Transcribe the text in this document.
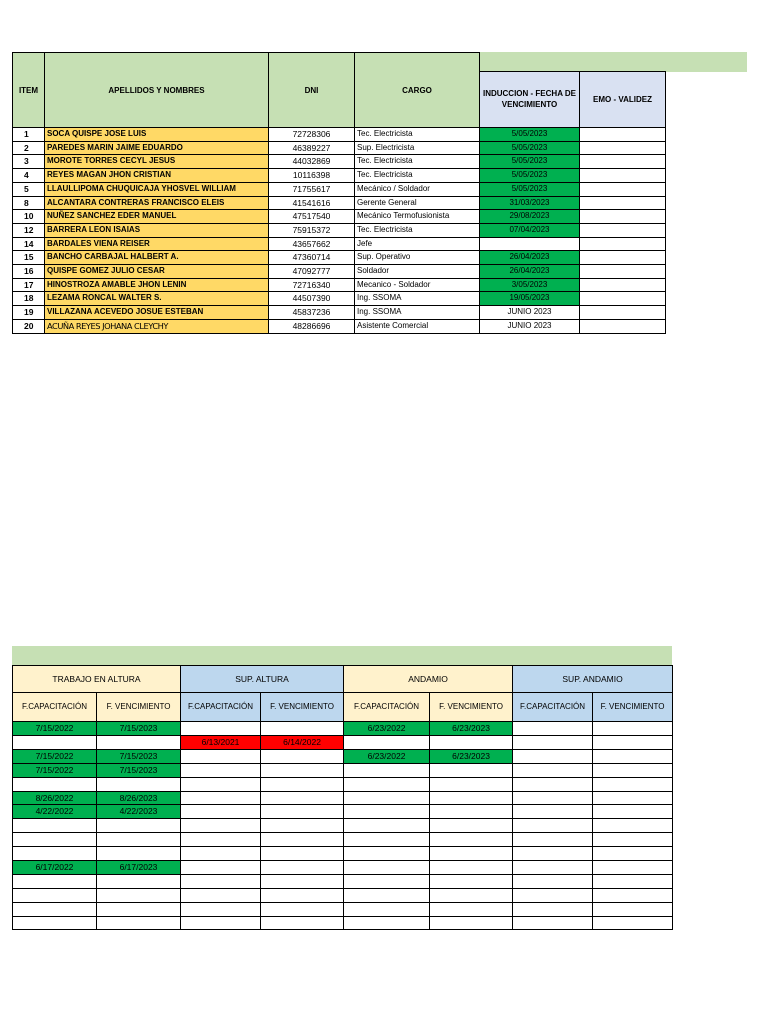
ITEM	APELLIDOS Y NOMBRES	DNI	CARGO		
				INDUCCION - FECHA DE VENCIMIENTO	EMO - VALIDEZ
1	SOCA QUISPE JOSE LUIS	72728306	Tec. Electricista	5/05/2023	
2	PAREDES MARIN JAIME EDUARDO	46389227	Sup. Electricista	5/05/2023	
3	MOROTE TORRES CECYL JESUS	44032869	Tec. Electricista	5/05/2023	
4	REYES MAGAN JHON CRISTIAN	10116398	Tec. Electricista	5/05/2023	
5	LLAULLIPOMA CHUQUICAJA YHOSVEL WILLIAM	71755617	Mecánico / Soldador	5/05/2023	
8	ALCANTARA CONTRERAS FRANCISCO ELEIS	41541616	Gerente General	31/03/2023	
10	NUÑEZ SANCHEZ EDER MANUEL	47517540	Mecánico Termofusionista	29/08/2023	
12	BARRERA LEON ISAIAS	75915372	Tec. Electricista	07/04/2023	
14	BARDALES VIENA REISER	43657662	Jefe		
15	BANCHO CARBAJAL HALBERT A.	47360714	Sup. Operativo	26/04/2023	
16	QUISPE GOMEZ JULIO CESAR	47092777	Soldador	26/04/2023	
17	HINOSTROZA AMABLE JHON LENIN	72716340	Mecanico - Soldador	3/05/2023	
18	LEZAMA RONCAL WALTER S.	44507390	Ing. SSOMA	19/05/2023	
19	VILLAZANA ACEVEDO JOSUE ESTEBAN	45837236	Ing. SSOMA	JUNIO 2023	
20	ACUÑA REYES JOHANA CLEYCHY	48286696	Asistente Comercial	JUNIO 2023	
TRABAJO EN ALTURA		SUP. ALTURA		ANDAMIO		SUP. ANDAMIO	
F.CAPACITACIÓN	F. VENCIMIENTO	F.CAPACITACIÓN	F. VENCIMIENTO	F.CAPACITACIÓN	F. VENCIMIENTO	F.CAPACITACIÓN	F. VENCIMIENTO
7/15/2022	7/15/2023			6/23/2022	6/23/2023		
		6/13/2021	6/14/2022				
7/15/2022	7/15/2023			6/23/2022	6/23/2023		
7/15/2022	7/15/2023						

8/26/2022	8/26/2023						
4/22/2022	4/22/2023						

6/17/2022	6/17/2023						
